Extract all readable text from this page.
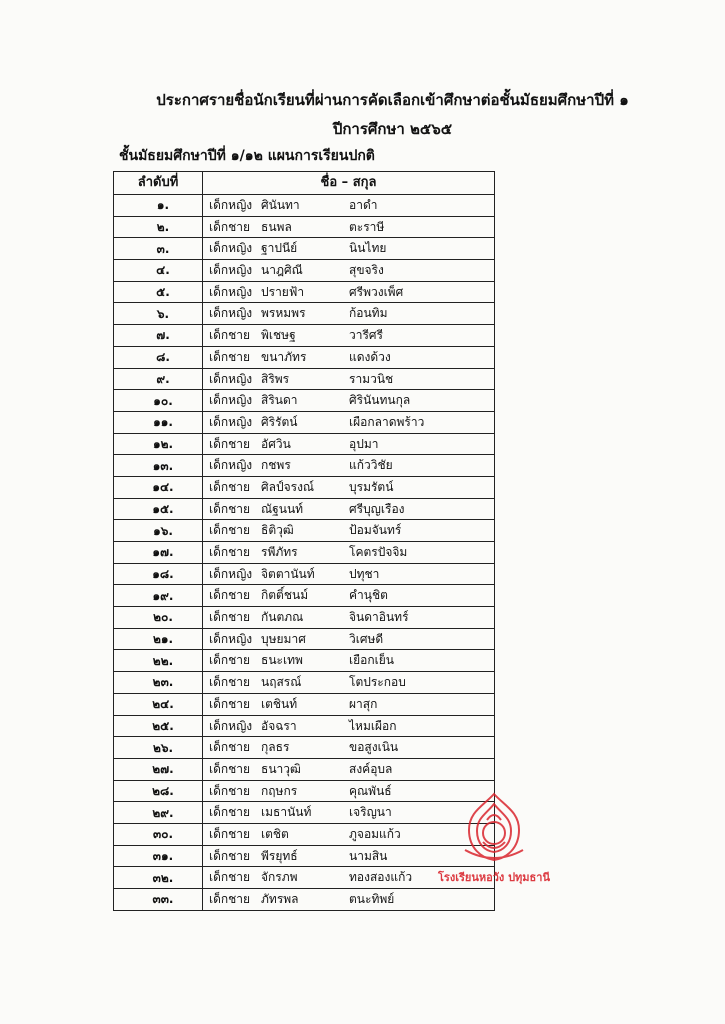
ประกาศรายชื่อนักเรียนที่ผ่านการคัดเลือกเข้าศึกษาต่อชั้นมัธยมศึกษาปีที่ ๑
ปีการศึกษา ๒๕๖๕
ชั้นมัธยมศึกษาปีที่ ๑/๑๒ แผนการเรียนปกติ
ลำดับที่	ชื่อ – สกุล
๑.	เด็กหญิง ศินันทา อาดำ

๒.	เด็กชาย ธนพล ตะราษี

๓.	เด็กหญิง ฐาปนีย์ นินไทย

๔.	เด็กหญิง นาฎศิณี สุขจริง

๕.	เด็กหญิง ปรายฟ้า ศรีพวงเพ็ศ

๖.	เด็กหญิง พรหมพร ก้อนทิม

๗.	เด็กชาย พิเชษฐ วารีศรี

๘.	เด็กชาย ขนาภัทร แดงด้วง

๙.	เด็กหญิง สิริพร รามวนิช

๑๐.	เด็กหญิง สิรินดา ศิรินันทนกุล

๑๑.	เด็กหญิง ศิริรัตน์ เผือกลาดพร้าว

๑๒.	เด็กชาย อัศวิน อุปมา

๑๓.	เด็กหญิง กชพร แก้ววิชัย

๑๔.	เด็กชาย ศิลป์จรงณ์ บุรมรัตน์

๑๕.	เด็กชาย ณัฐนนท์ ศรีบุญเรือง

๑๖.	เด็กชาย ธิติวุฒิ ป้อมจันทร์

๑๗.	เด็กชาย รพีภัทร โคตรปัจจิม

๑๘.	เด็กหญิง จิตตานันท์ ปทุชา

๑๙.	เด็กชาย กิตติ์ชนม์ คำนุชิต

๒๐.	เด็กชาย กันตภณ จินดาอินทร์

๒๑.	เด็กหญิง บุษยมาศ วิเศษดี

๒๒.	เด็กชาย ธนะเทพ เยือกเย็น

๒๓.	เด็กชาย นฤสรณ์ โตประกอบ

๒๔.	เด็กชาย เตชินท์ ผาสุก

๒๕.	เด็กหญิง อัจฉรา ไหมเผือก

๒๖.	เด็กชาย กุลธร ขอสูงเนิน

๒๗.	เด็กชาย ธนาวุฒิ สงค์อุบล

๒๘.	เด็กชาย กฤษกร คุณพันธ์

๒๙.	เด็กชาย เมธานันท์ เจริญนา

๓๐.	เด็กชาย เตชิต ภูจอมแก้ว

๓๑.	เด็กชาย พีรยุทธ์ นามสิน

๓๒.	เด็กชาย จักรภพ ทองสองแก้ว

๓๓.	เด็กชาย ภัทรพล ตนะทิพย์
โรงเรียนหอวัง ปทุมธานี
